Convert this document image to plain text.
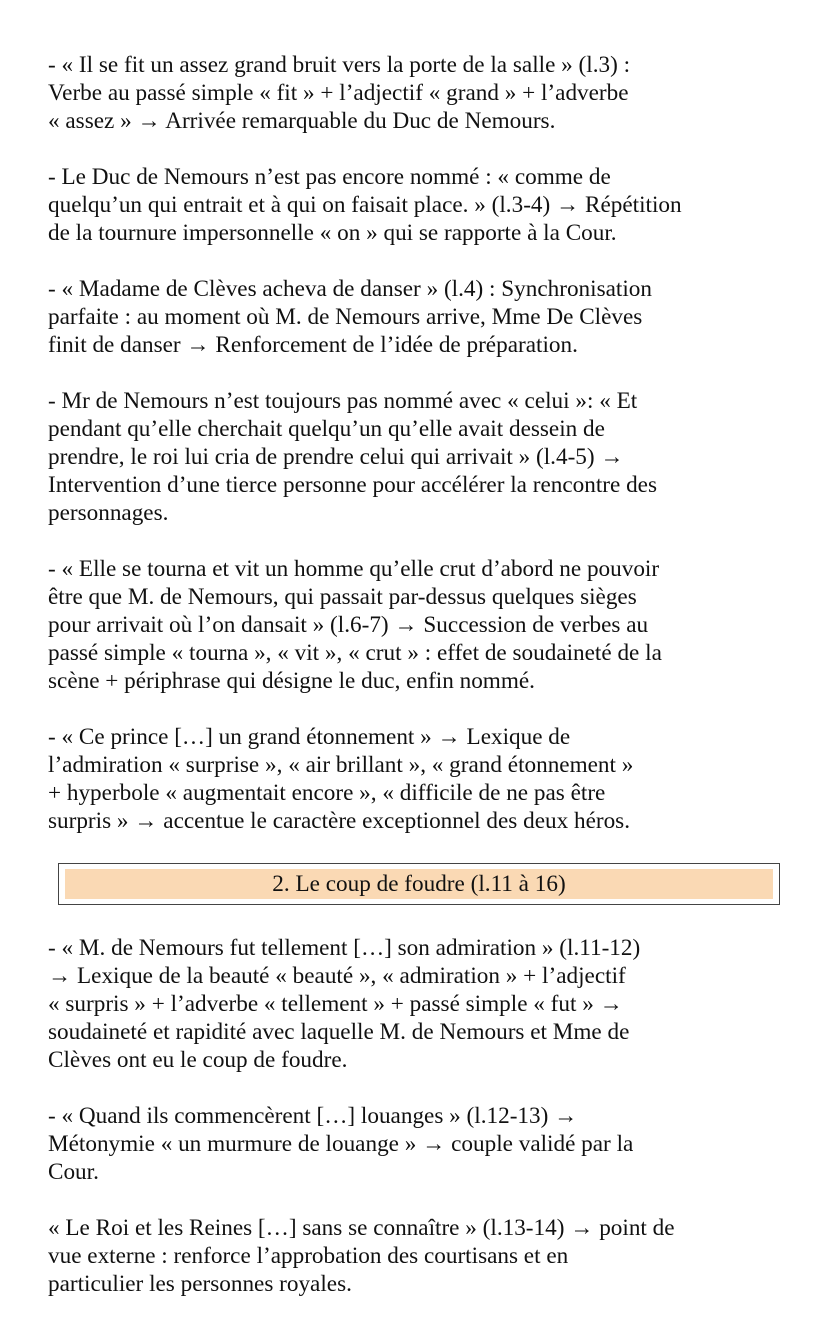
- « Il se fit un assez grand bruit vers la porte de la salle » (l.3) :
Verbe au passé simple « fit » + l’adjectif « grand » + l’adverbe
« assez » → Arrivée remarquable du Duc de Nemours.

- Le Duc de Nemours n’est pas encore nommé : « comme de
quelqu’un qui entrait et à qui on faisait place. » (l.3-4) → Répétition
de la tournure impersonnelle « on » qui se rapporte à la Cour.

- « Madame de Clèves acheva de danser » (l.4) : Synchronisation
parfaite : au moment où M. de Nemours arrive, Mme De Clèves
finit de danser → Renforcement de l’idée de préparation.

- Mr de Nemours n’est toujours pas nommé avec « celui »: « Et
pendant qu’elle cherchait quelqu’un qu’elle avait dessein de
prendre, le roi lui cria de prendre celui qui arrivait » (l.4-5) →
Intervention d’une tierce personne pour accélérer la rencontre des
personnages.

- « Elle se tourna et vit un homme qu’elle crut d’abord ne pouvoir
être que M. de Nemours, qui passait par-dessus quelques sièges
pour arrivait où l’on dansait » (l.6-7) → Succession de verbes au
passé simple « tourna », « vit », « crut » : effet de soudaineté de la
scène + périphrase qui désigne le duc, enfin nommé.

- « Ce prince […] un grand étonnement » → Lexique de
l’admiration « surprise », « air brillant », « grand étonnement »
+ hyperbole « augmentait encore », « difficile de ne pas être
surpris » → accentue le caractère exceptionnel des deux héros.

2. Le coup de foudre (l.11 à 16)

- « M. de Nemours fut tellement […] son admiration » (l.11-12)
→ Lexique de la beauté « beauté », « admiration » + l’adjectif
« surpris » + l’adverbe « tellement » + passé simple « fut » →
soudaineté et rapidité avec laquelle M. de Nemours et Mme de
Clèves ont eu le coup de foudre.

- « Quand ils commencèrent […] louanges » (l.12-13) →
Métonymie « un murmure de louange » → couple validé par la
Cour.

« Le Roi et les Reines […] sans se connaître » (l.13-14) → point de
vue externe : renforce l’approbation des courtisans et en
particulier les personnes royales.
